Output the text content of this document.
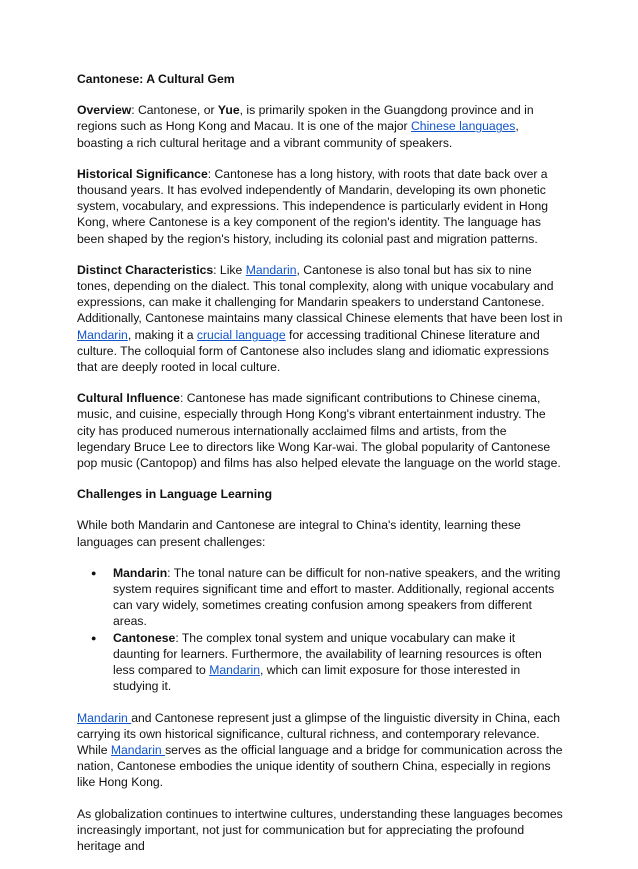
Cantonese: A Cultural Gem

Overview: Cantonese, or Yue, is primarily spoken in the Guangdong province and in regions such as Hong Kong and Macau. It is one of the major Chinese languages, boasting a rich cultural heritage and a vibrant community of speakers.

Historical Significance: Cantonese has a long history, with roots that date back over a thousand years. It has evolved independently of Mandarin, developing its own phonetic system, vocabulary, and expressions. This independence is particularly evident in Hong Kong, where Cantonese is a key component of the region's identity. The language has been shaped by the region's history, including its colonial past and migration patterns.

Distinct Characteristics: Like Mandarin, Cantonese is also tonal but has six to nine tones, depending on the dialect. This tonal complexity, along with unique vocabulary and expressions, can make it challenging for Mandarin speakers to understand Cantonese. Additionally, Cantonese maintains many classical Chinese elements that have been lost in Mandarin, making it a crucial language for accessing traditional Chinese literature and culture. The colloquial form of Cantonese also includes slang and idiomatic expressions that are deeply rooted in local culture.

Cultural Influence: Cantonese has made significant contributions to Chinese cinema, music, and cuisine, especially through Hong Kong's vibrant entertainment industry. The city has produced numerous internationally acclaimed films and artists, from the legendary Bruce Lee to directors like Wong Kar-wai. The global popularity of Cantonese pop music (Cantopop) and films has also helped elevate the language on the world stage.

Challenges in Language Learning

While both Mandarin and Cantonese are integral to China's identity, learning these languages can present challenges:

● Mandarin: The tonal nature can be difficult for non-native speakers, and the writing system requires significant time and effort to master. Additionally, regional accents can vary widely, sometimes creating confusion among speakers from different areas.
● Cantonese: The complex tonal system and unique vocabulary can make it daunting for learners. Furthermore, the availability of learning resources is often less compared to Mandarin, which can limit exposure for those interested in studying it.

Mandarin and Cantonese represent just a glimpse of the linguistic diversity in China, each carrying its own historical significance, cultural richness, and contemporary relevance. While Mandarin serves as the official language and a bridge for communication across the nation, Cantonese embodies the unique identity of southern China, especially in regions like Hong Kong.

As globalization continues to intertwine cultures, understanding these languages becomes increasingly important, not just for communication but for appreciating the profound heritage and
